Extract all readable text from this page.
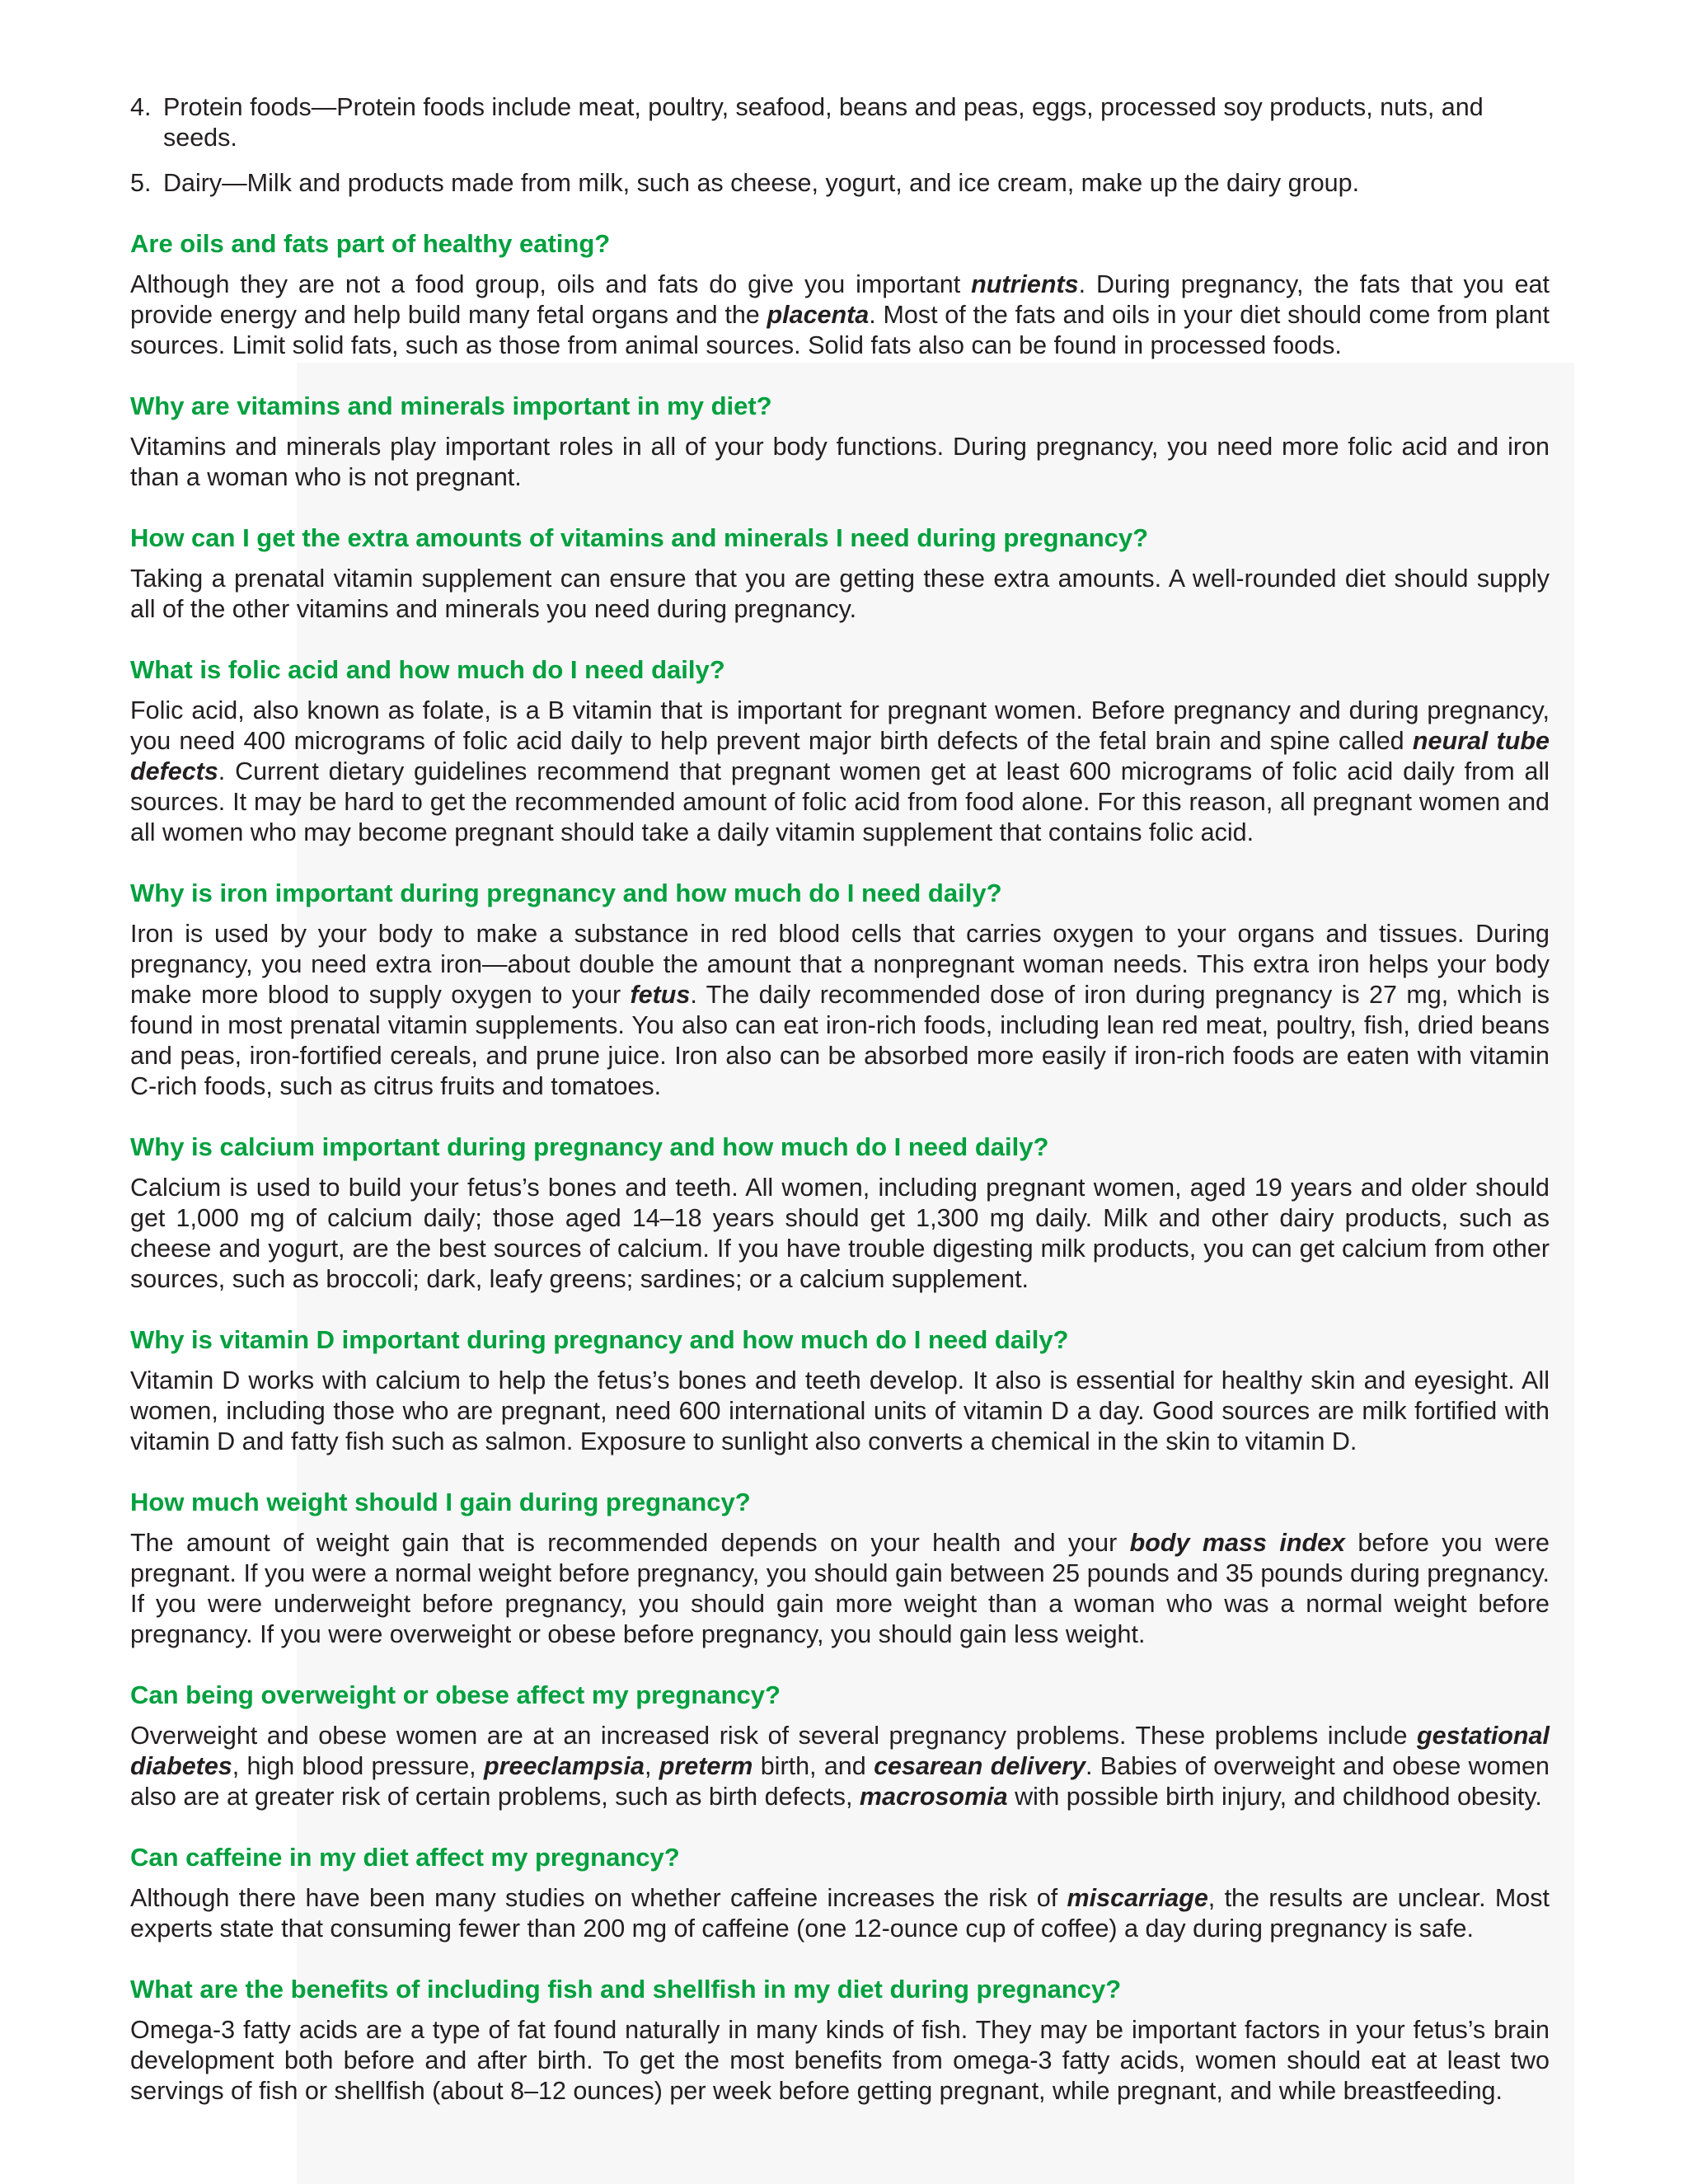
4. Protein foods—Protein foods include meat, poultry, seafood, beans and peas, eggs, processed soy products, nuts, and seeds.
5. Dairy—Milk and products made from milk, such as cheese, yogurt, and ice cream, make up the dairy group.
Are oils and fats part of healthy eating?

Although they are not a food group, oils and fats do give you important nutrients. During pregnancy, the fats that you eat provide energy and help build many fetal organs and the placenta. Most of the fats and oils in your diet should come from plant sources. Limit solid fats, such as those from animal sources. Solid fats also can be found in processed foods.

Why are vitamins and minerals important in my diet?

Vitamins and minerals play important roles in all of your body functions. During pregnancy, you need more folic acid and iron than a woman who is not pregnant.

How can I get the extra amounts of vitamins and minerals I need during pregnancy?

Taking a prenatal vitamin supplement can ensure that you are getting these extra amounts. A well-rounded diet should supply all of the other vitamins and minerals you need during pregnancy.

What is folic acid and how much do I need daily?

Folic acid, also known as folate, is a B vitamin that is important for pregnant women. Before pregnancy and during pregnancy, you need 400 micrograms of folic acid daily to help prevent major birth defects of the fetal brain and spine called neural tube defects. Current dietary guidelines recommend that pregnant women get at least 600 micrograms of folic acid daily from all sources. It may be hard to get the recommended amount of folic acid from food alone. For this reason, all pregnant women and all women who may become pregnant should take a daily vitamin supplement that contains folic acid.

Why is iron important during pregnancy and how much do I need daily?

Iron is used by your body to make a substance in red blood cells that carries oxygen to your organs and tissues. During pregnancy, you need extra iron—about double the amount that a nonpregnant woman needs. This extra iron helps your body make more blood to supply oxygen to your fetus. The daily recommended dose of iron during pregnancy is 27 mg, which is found in most prenatal vitamin supplements. You also can eat iron-rich foods, including lean red meat, poultry, fish, dried beans and peas, iron-fortified cereals, and prune juice. Iron also can be absorbed more easily if iron-rich foods are eaten with vitamin C-rich foods, such as citrus fruits and tomatoes.

Why is calcium important during pregnancy and how much do I need daily?

Calcium is used to build your fetus’s bones and teeth. All women, including pregnant women, aged 19 years and older should get 1,000 mg of calcium daily; those aged 14–18 years should get 1,300 mg daily. Milk and other dairy products, such as cheese and yogurt, are the best sources of calcium. If you have trouble digesting milk products, you can get calcium from other sources, such as broccoli; dark, leafy greens; sardines; or a calcium supplement.

Why is vitamin D important during pregnancy and how much do I need daily?

Vitamin D works with calcium to help the fetus’s bones and teeth develop. It also is essential for healthy skin and eyesight. All women, including those who are pregnant, need 600 international units of vitamin D a day. Good sources are milk fortified with vitamin D and fatty fish such as salmon. Exposure to sunlight also converts a chemical in the skin to vitamin D.

How much weight should I gain during pregnancy?

The amount of weight gain that is recommended depends on your health and your body mass index before you were pregnant. If you were a normal weight before pregnancy, you should gain between 25 pounds and 35 pounds during pregnancy. If you were underweight before pregnancy, you should gain more weight than a woman who was a normal weight before pregnancy. If you were overweight or obese before pregnancy, you should gain less weight.

Can being overweight or obese affect my pregnancy?

Overweight and obese women are at an increased risk of several pregnancy problems. These problems include gestational diabetes, high blood pressure, preeclampsia, preterm birth, and cesarean delivery. Babies of overweight and obese women also are at greater risk of certain problems, such as birth defects, macrosomia with possible birth injury, and childhood obesity.

Can caffeine in my diet affect my pregnancy?

Although there have been many studies on whether caffeine increases the risk of miscarriage, the results are unclear. Most experts state that consuming fewer than 200 mg of caffeine (one 12-ounce cup of coffee) a day during pregnancy is safe.

What are the benefits of including fish and shellfish in my diet during pregnancy?

Omega-3 fatty acids are a type of fat found naturally in many kinds of fish. They may be important factors in your fetus’s brain development both before and after birth. To get the most benefits from omega-3 fatty acids, women should eat at least two servings of fish or shellfish (about 8–12 ounces) per week before getting pregnant, while pregnant, and while breastfeeding.
